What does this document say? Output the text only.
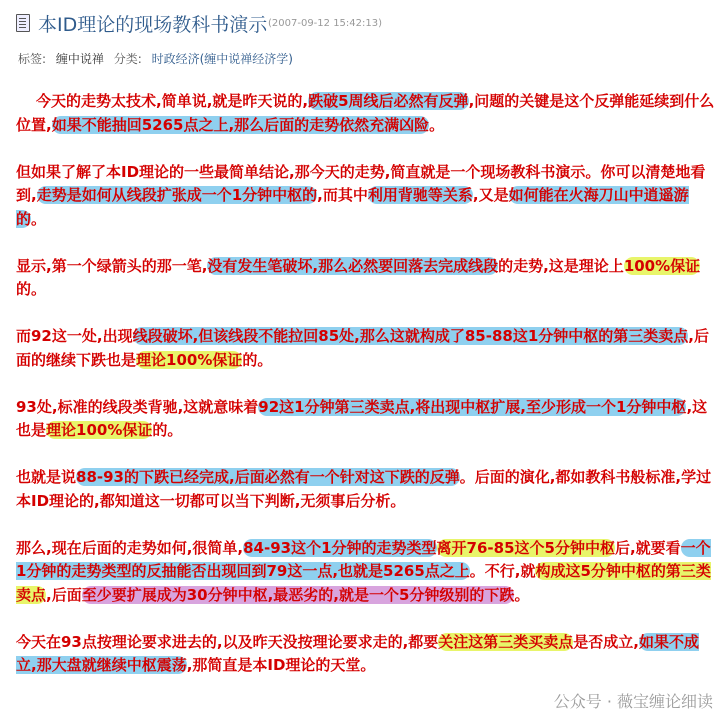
本ID理论的现场教科书演示 (2007-09-12 15:42:13)
标签: 缠中说禅 分类: 时政经济(缠中说禅经济学)

今天的走势太技术,简单说,就是昨天说的,跌破5周线后必然有反弹,问题的关键是这个反弹能延续到什么位置,如果不能抽回5265点之上,那么后面的走势依然充满凶险。

但如果了解了本ID理论的一些最简单结论,那今天的走势,简直就是一个现场教科书演示。你可以清楚地看到,走势是如何从线段扩张成一个1分钟中枢的,而其中利用背驰等关系,又是如何能在火海刀山中逍遥游的。

显示,第一个绿箭头的那一笔,没有发生笔破坏,那么必然要回落去完成线段的走势,这是理论上100%保证的。

而92这一处,出现线段破坏,但该线段不能拉回85处,那么这就构成了85-88这1分钟中枢的第三类卖点,后面的继续下跌也是理论100%保证的。

93处,标准的线段类背驰,这就意味着92这1分钟第三类卖点,将出现中枢扩展,至少形成一个1分钟中枢,这也是理论100%保证的。

也就是说88-93的下跌已经完成,后面必然有一个针对这下跌的反弹。后面的演化,都如教科书般标准,学过本ID理论的,都知道这一切都可以当下判断,无须事后分析。

那么,现在后面的走势如何,很简单,84-93这个1分钟的走势类型离开76-85这个5分钟中枢后,就要看一个1分钟的走势类型的反抽能否出现回到79这一点,也就是5265点之上。不行,就构成这5分钟中枢的第三类卖点,后面至少要扩展成为30分钟中枢,最恶劣的,就是一个5分钟级别的下跌。

今天在93点按理论要求进去的,以及昨天没按理论要求走的,都要关注这第三类买卖点是否成立,如果不成立,那大盘就继续中枢震荡,那简直是本ID理论的天堂。

公众号 · 薇宝缠论细读
